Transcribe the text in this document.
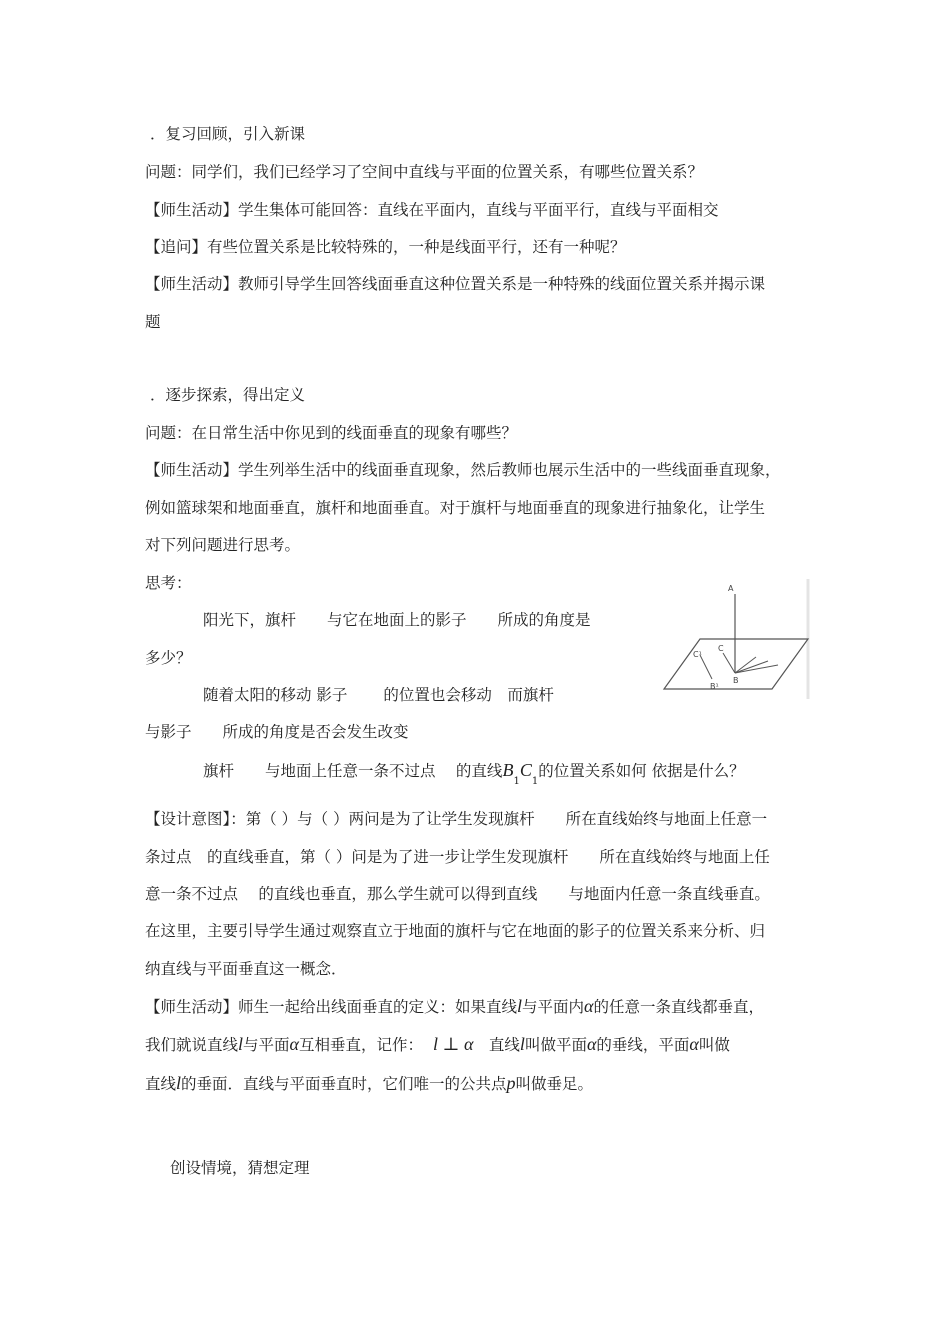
．复习回顾，引入新课
问题：同学们，我们已经学习了空间中直线与平面的位置关系，有哪些位置关系？
【师生活动】学生集体可能回答：直线在平面内，直线与平面平行，直线与平面相交
【追问】有些位置关系是比较特殊的，一种是线面平行，还有一种呢？
【师生活动】教师引导学生回答线面垂直这种位置关系是一种特殊的线面位置关系并揭示课
题
．逐步探索，得出定义
问题：在日常生活中你见到的线面垂直的现象有哪些？
【师生活动】学生列举生活中的线面垂直现象，然后教师也展示生活中的一些线面垂直现象，
例如篮球架和地面垂直，旗杆和地面垂直。对于旗杆与地面垂直的现象进行抽象化，让学生
对下列问题进行思考。
思考：
阳光下，旗杆　　与它在地面上的影子　　所成的角度是
多少？
随着太阳的移动 影子　　 的位置也会移动　而旗杆
与影子　　所成的角度是否会发生改变
旗杆　　与地面上任意一条不过点　 的直线$B_1C_1$的位置关系如何 依据是什么？
【设计意图】：第（ ）与（ ）两问是为了让学生发现旗杆　　所在直线始终与地面上任意一
条过点　的直线垂直，第（ ）问是为了进一步让学生发现旗杆　　所在直线始终与地面上任
意一条不过点　 的直线也垂直，那么学生就可以得到直线　　与地面内任意一条直线垂直。
在这里，主要引导学生通过观察直立于地面的旗杆与它在地面的影子的位置关系来分析、归
纳直线与平面垂直这一概念．
【师生活动】师生一起给出线面垂直的定义：如果直线l与平面内α的任意一条直线都垂直，
我们就说直线l与平面α互相垂直，记作： l ⊥ α　直线l叫做平面α的垂线，平面α叫做
直线l的垂面．直线与平面垂直时，它们唯一的公共点p叫做垂足。
创设情境，猜想定理
A
C¹
C
B¹
B
